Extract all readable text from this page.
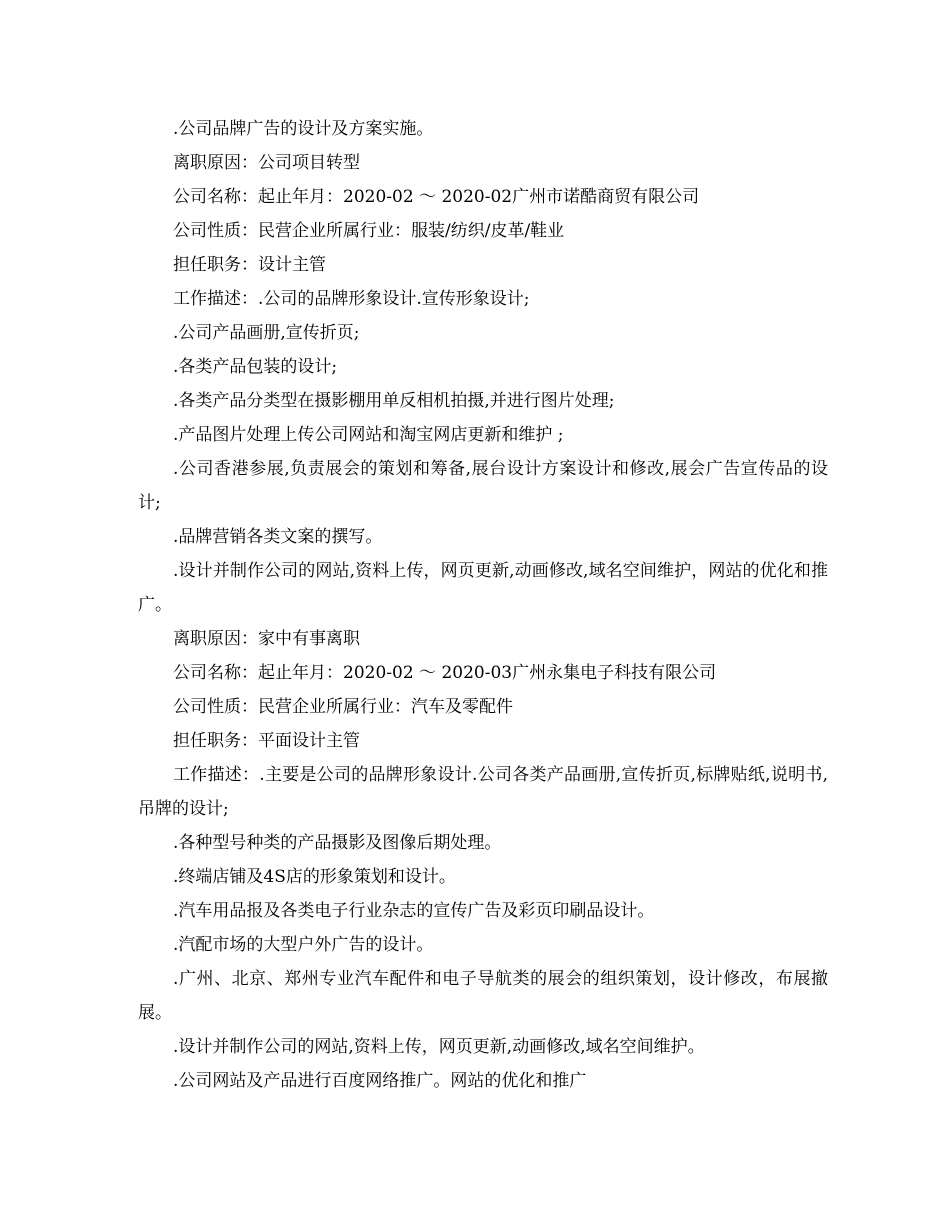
.公司品牌广告的设计及方案实施。

离职原因：公司项目转型

公司名称：起止年月：2020-02 ～ 2020-02广州市诺酷商贸有限公司

公司性质：民营企业所属行业：服装/纺织/皮革/鞋业

担任职务：设计主管

工作描述：.公司的品牌形象设计.宣传形象设计;

.公司产品画册,宣传折页;

.各类产品包装的设计;

.各类产品分类型在摄影棚用单反相机拍摄,并进行图片处理;

.产品图片处理上传公司网站和淘宝网店更新和维护 ;

.公司香港参展,负责展会的策划和筹备,展台设计方案设计和修改,展会广告宣传品的设计;

.品牌营销各类文案的撰写。

.设计并制作公司的网站,资料上传，网页更新,动画修改,域名空间维护，网站的优化和推广。

离职原因：家中有事离职

公司名称：起止年月：2020-02 ～ 2020-03广州永集电子科技有限公司

公司性质：民营企业所属行业：汽车及零配件

担任职务：平面设计主管

工作描述：.主要是公司的品牌形象设计.公司各类产品画册,宣传折页,标牌贴纸,说明书,吊牌的设计;

.各种型号种类的产品摄影及图像后期处理。

.终端店铺及4S店的形象策划和设计。

.汽车用品报及各类电子行业杂志的宣传广告及彩页印刷品设计。

.汽配市场的大型户外广告的设计。

.广州、北京、郑州专业汽车配件和电子导航类的展会的组织策划，设计修改，布展撤展。

.设计并制作公司的网站,资料上传，网页更新,动画修改,域名空间维护。

.公司网站及产品进行百度网络推广。网站的优化和推广
